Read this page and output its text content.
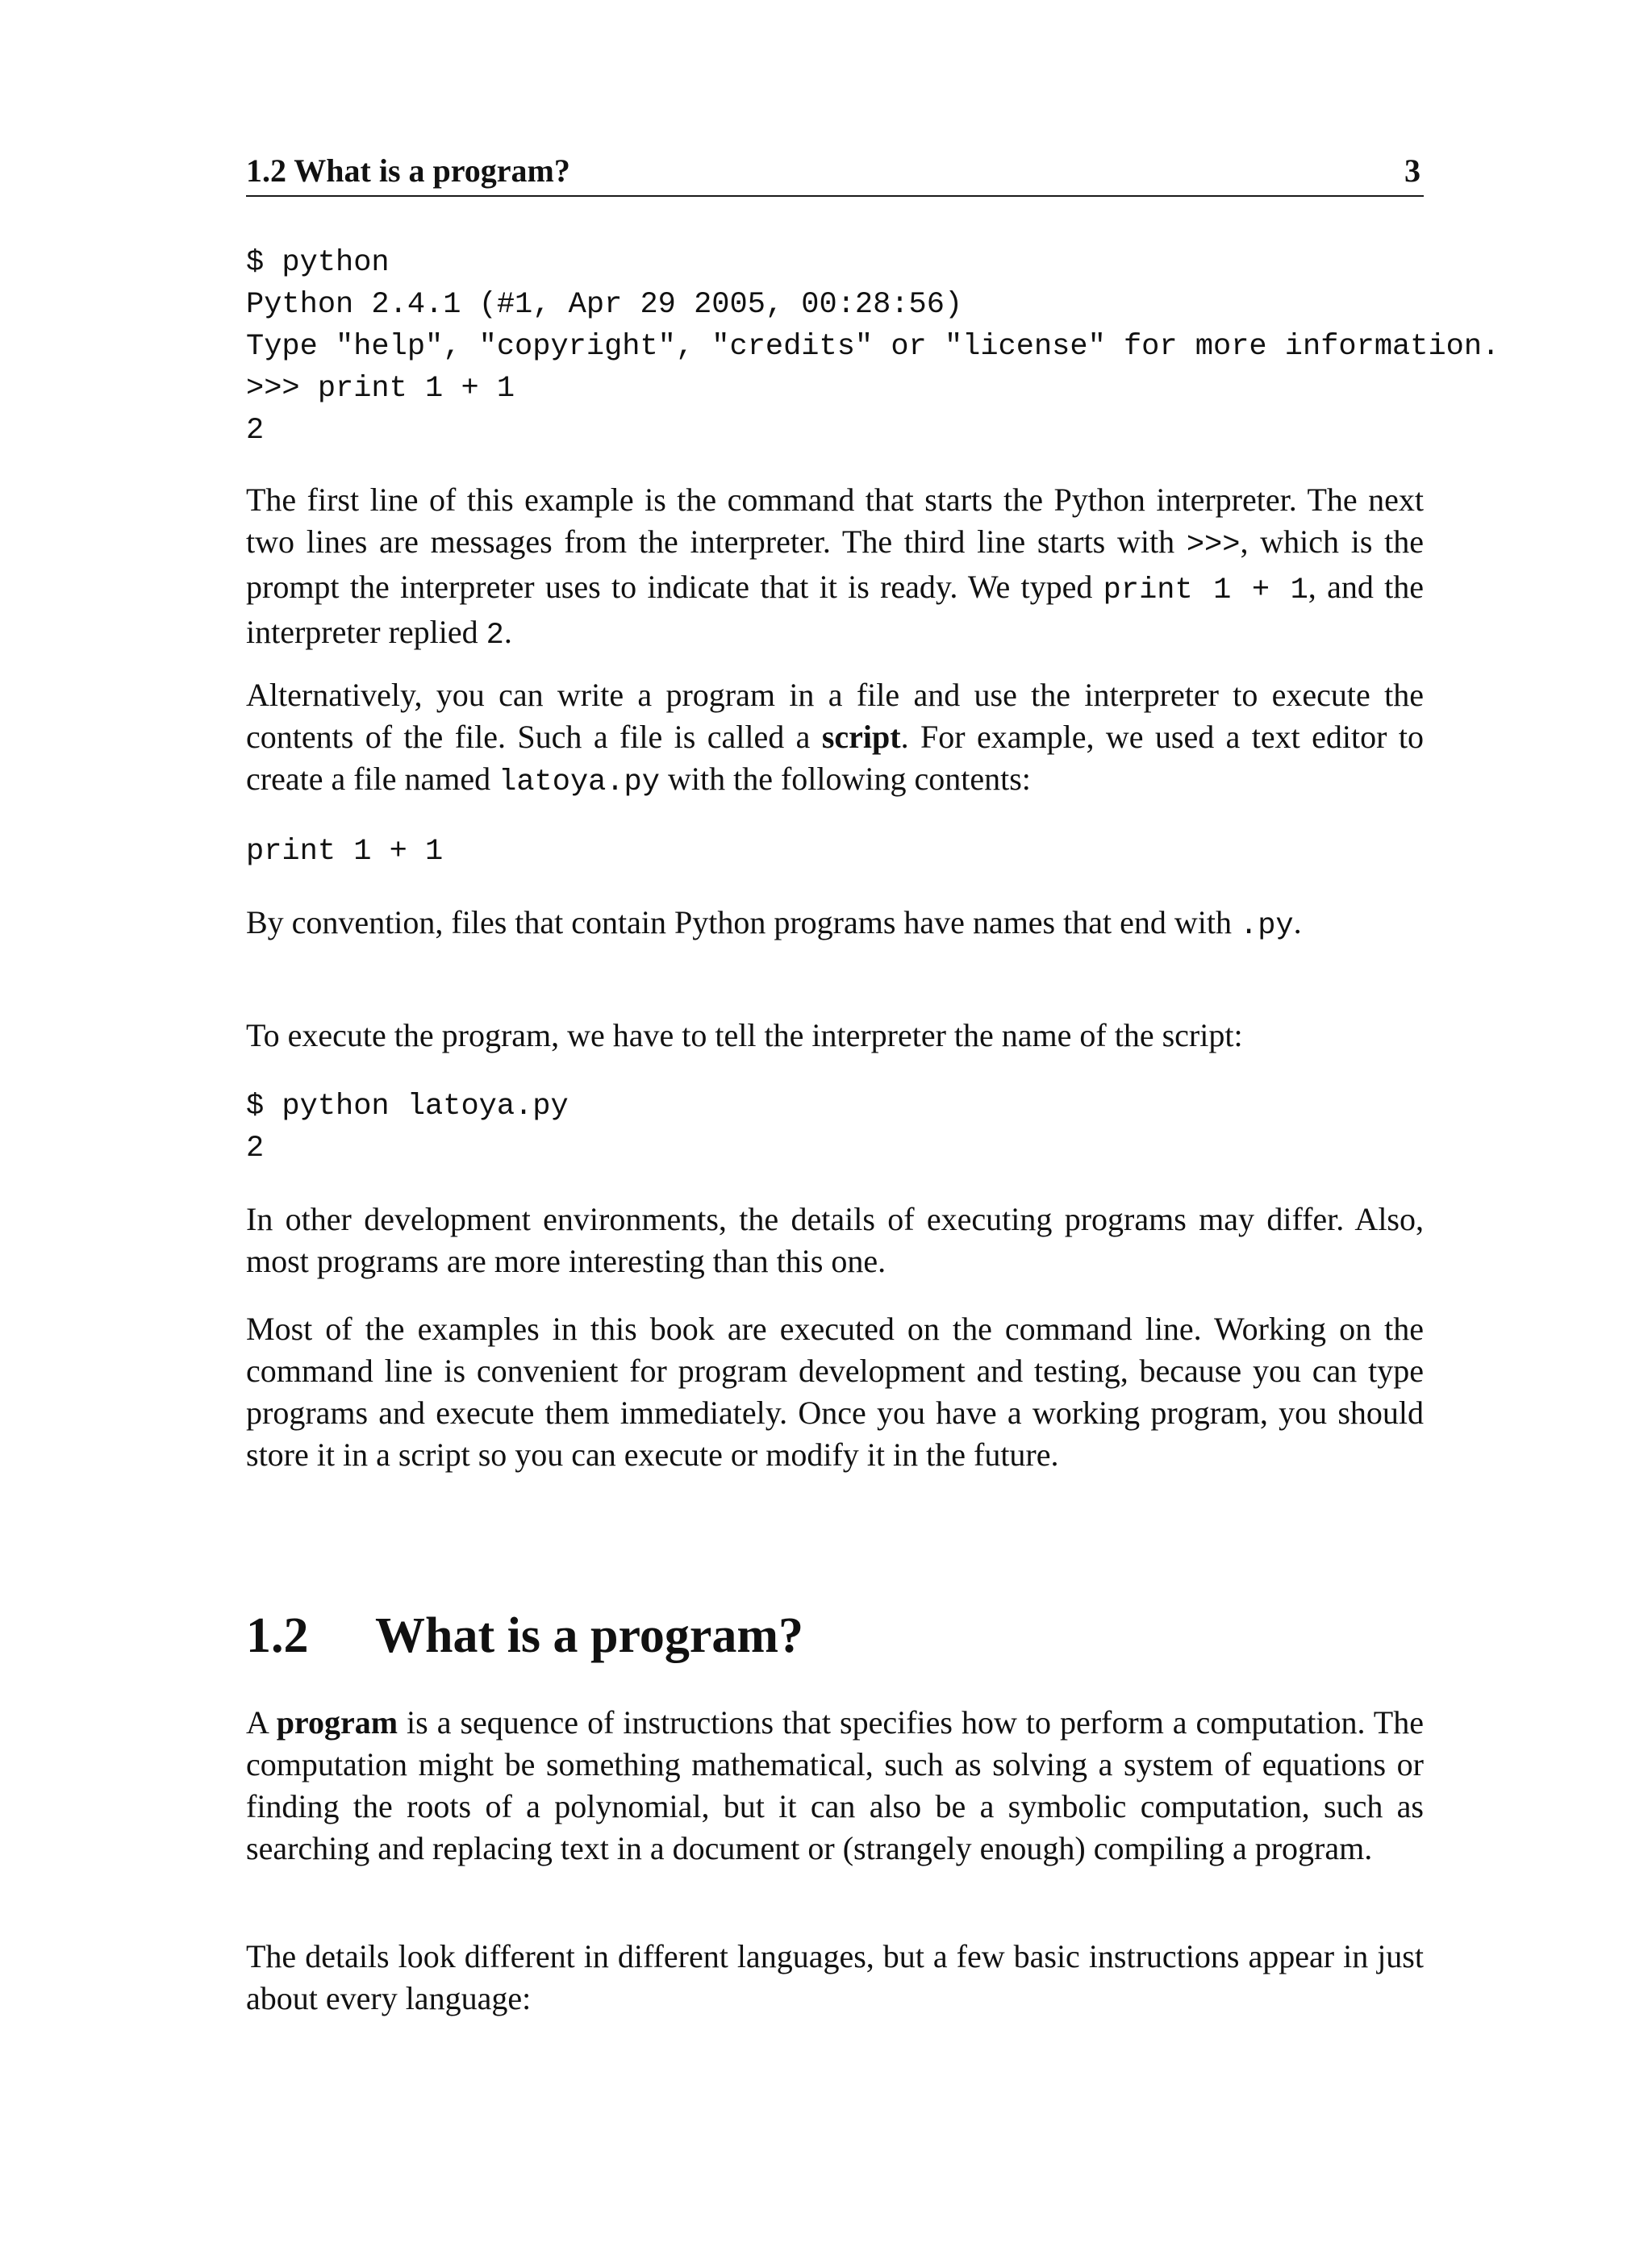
1.2 What is a program?	3
$ python
Python 2.4.1 (#1, Apr 29 2005, 00:28:56)
Type "help", "copyright", "credits" or "license" for more information.
>>> print 1 + 1
2

The first line of this example is the command that starts the Python interpreter. The next two lines are messages from the interpreter. The third line starts with >>>, which is the prompt the interpreter uses to indicate that it is ready. We typed print 1 + 1, and the interpreter replied 2.

Alternatively, you can write a program in a file and use the interpreter to execute the contents of the file. Such a file is called a script. For example, we used a text editor to create a file named latoya.py with the following contents:

print 1 + 1

By convention, files that contain Python programs have names that end with .py.

To execute the program, we have to tell the interpreter the name of the script:

$ python latoya.py
2

In other development environments, the details of executing programs may differ. Also, most programs are more interesting than this one.

Most of the examples in this book are executed on the command line. Working on the command line is convenient for program development and testing, because you can type programs and execute them immediately. Once you have a working program, you should store it in a script so you can execute or modify it in the future.

1.2 What is a program?

A program is a sequence of instructions that specifies how to perform a computation. The computation might be something mathematical, such as solving a system of equations or finding the roots of a polynomial, but it can also be a symbolic computation, such as searching and replacing text in a document or (strangely enough) compiling a program.

The details look different in different languages, but a few basic instructions appear in just about every language:
